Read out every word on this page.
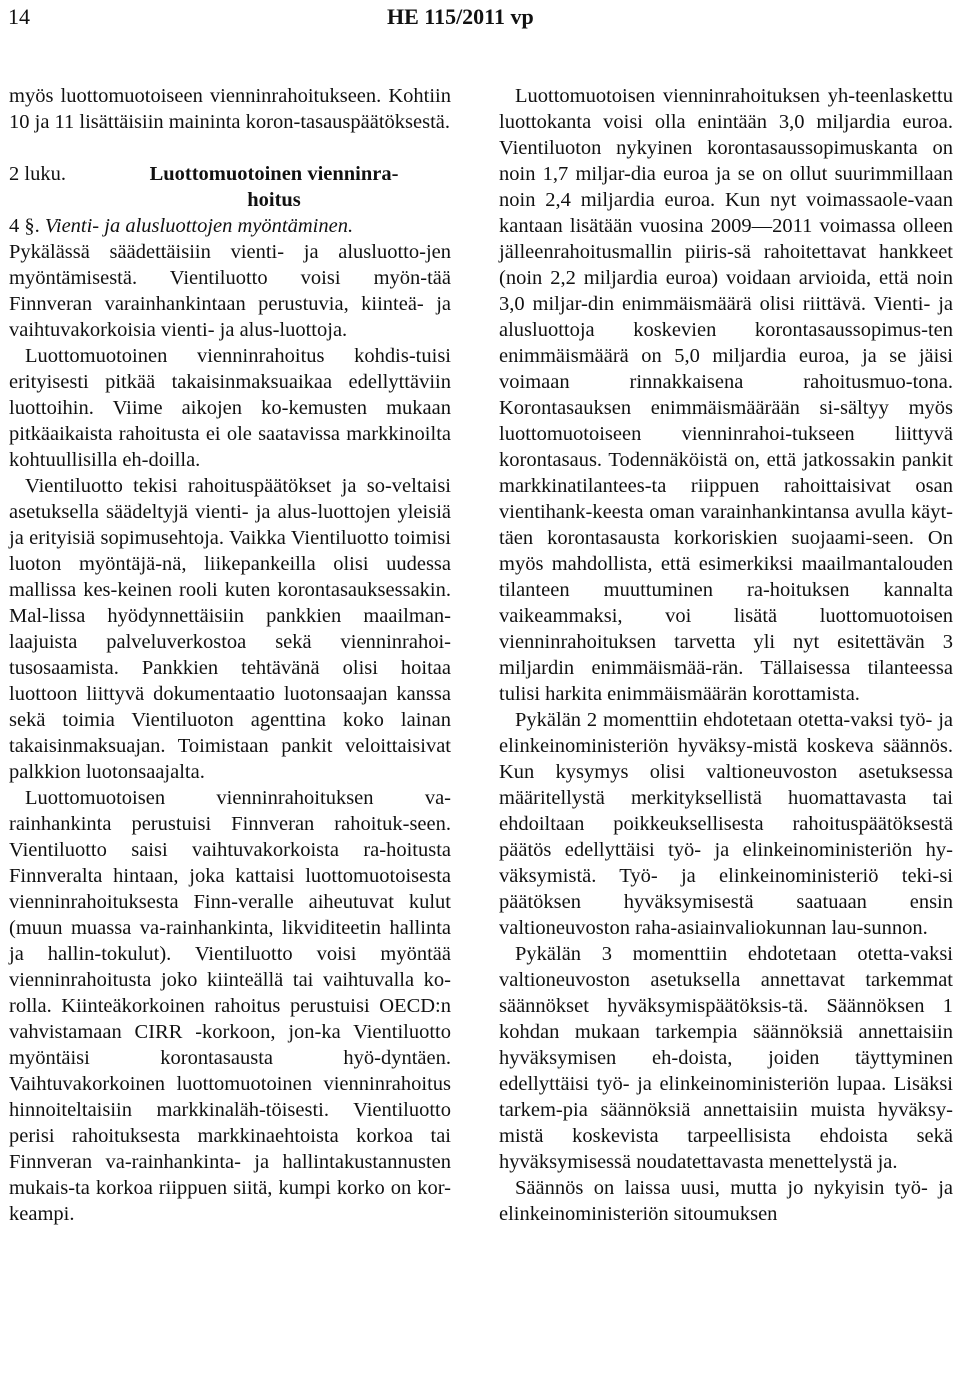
14	HE 115/2011 vp

myös luottomuotoiseen vienninrahoitukseen. Kohtiin 10 ja 11 lisättäisiin maininta koron-tasauspäätöksestä.

2 luku.	Luottomuotoinen vienninra-hoitus

4 §. Vienti- ja alusluottojen myöntäminen.

Pykälässä säädettäisiin vienti- ja alusluotto-jen myöntämisestä. Vientiluotto voisi myön-tää Finnveran varainhankintaan perustuvia, kiinteä- ja vaihtuvakorkoisia vienti- ja alus-luottoja.

Luottomuotoinen vienninrahoitus kohdis-tuisi erityisesti pitkää takaisinmaksuaikaa edellyttäviin luottoihin. Viime aikojen ko-kemusten mukaan pitkäaikaista rahoitusta ei ole saatavissa markkinoilta kohtuullisilla eh-doilla.

Vientiluotto tekisi rahoituspäätökset ja so-veltaisi asetuksella säädeltyjä vienti- ja alus-luottojen yleisiä ja erityisiä sopimusehtoja. Vaikka Vientiluotto toimisi luoton myöntäjä-nä, liikepankeilla olisi uudessa mallissa kes-keinen rooli kuten korontasauksessakin. Mal-lissa hyödynnettäisiin pankkien maailman-laajuista palveluverkostoa sekä vienninrahoi-tusosaamista. Pankkien tehtävänä olisi hoitaa luottoon liittyvä dokumentaatio luotonsaajan kanssa sekä toimia Vientiluoton agenttina koko lainan takaisinmaksuajan. Toimistaan pankit veloittaisivat palkkion luotonsaajalta.

Luottomuotoisen vienninrahoituksen va-rainhankinta perustuisi Finnveran rahoituk-seen. Vientiluotto saisi vaihtuvakorkoista ra-hoitusta Finnveralta hintaan, joka kattaisi luottomuotoisesta vienninrahoituksesta Finn-veralle aiheutuvat kulut (muun muassa va-rainhankinta, likviditeetin hallinta ja hallin-tokulut). Vientiluotto voisi myöntää vienninrahoitusta joko kiinteällä tai vaihtuvalla ko-rolla. Kiinteäkorkoinen rahoitus perustuisi OECD:n vahvistamaan CIRR -korkoon, jon-ka Vientiluotto myöntäisi korontasausta hyö-dyntäen. Vaihtuvakorkoinen luottomuotoinen vienninrahoitus hinnoiteltaisiin markkinaläh-töisesti. Vientiluotto perisi rahoituksesta markkinaehtoista korkoa tai Finnveran va-rainhankinta- ja hallintakustannusten mukais-ta korkoa riippuen siitä, kumpi korko on kor-keampi.

Luottomuotoisen vienninrahoituksen yh-teenlaskettu luottokanta voisi olla enintään 3,0 miljardia euroa. Vientiluoton nykyinen korontasaussopimuskanta on noin 1,7 miljar-dia euroa ja se on ollut suurimmillaan noin 2,4 miljardia euroa. Kun nyt voimassaole-vaan kantaan lisätään vuosina 2009—2011 voimassa olleen jälleenrahoitusmallin piiris-sä rahoitettavat hankkeet (noin 2,2 miljardia euroa) voidaan arvioida, että noin 3,0 miljar-din enimmäismäärä olisi riittävä. Vienti- ja alusluottoja koskevien korontasaussopimus-ten enimmäismäärä on 5,0 miljardia euroa, ja se jäisi voimaan rinnakkaisena rahoitusmuo-tona. Korontasauksen enimmäismäärään si-sältyy myös luottomuotoiseen vienninrahoi-tukseen liittyvä korontasaus. Todennäköistä on, että jatkossakin pankit markkinatilantees-ta riippuen rahoittaisivat osan vientihank-keesta oman varainhankintansa avulla käyt-täen korontasausta korkoriskien suojaami-seen. On myös mahdollista, että esimerkiksi maailmantalouden tilanteen muuttuminen ra-hoituksen kannalta vaikeammaksi, voi lisätä luottomuotoisen vienninrahoituksen tarvetta yli nyt esitettävän 3 miljardin enimmäismää-rän. Tällaisessa tilanteessa tulisi harkita enimmäismäärän korottamista.

Pykälän 2 momenttiin ehdotetaan otetta-vaksi työ- ja elinkeinoministeriön hyväksy-mistä koskeva säännös. Kun kysymys olisi valtioneuvoston asetuksessa määritellystä merkityksellistä huomattavasta tai ehdoiltaan poikkeuksellisesta rahoituspäätöksestä päätös edellyttäisi työ- ja elinkeinoministeriön hy-väksymistä. Työ- ja elinkeinoministeriö teki-si päätöksen hyväksymisestä saatuaan ensin valtioneuvoston raha-asiainvaliokunnan lau-sunnon.

Pykälän 3 momenttiin ehdotetaan otetta-vaksi valtioneuvoston asetuksella annettavat tarkemmat säännökset hyväksymispäätöksis-tä. Säännöksen 1 kohdan mukaan tarkempia säännöksiä annettaisiin hyväksymisen eh-doista, joiden täyttyminen edellyttäisi työ- ja elinkeinoministeriön lupaa. Lisäksi tarkem-pia säännöksiä annettaisiin muista hyväksy-mistä koskevista tarpeellisista ehdoista sekä hyväksymisessä noudatettavasta menettelystä ja.

Säännös on laissa uusi, mutta jo nykyisin työ- ja elinkeinoministeriön sitoumuksen
